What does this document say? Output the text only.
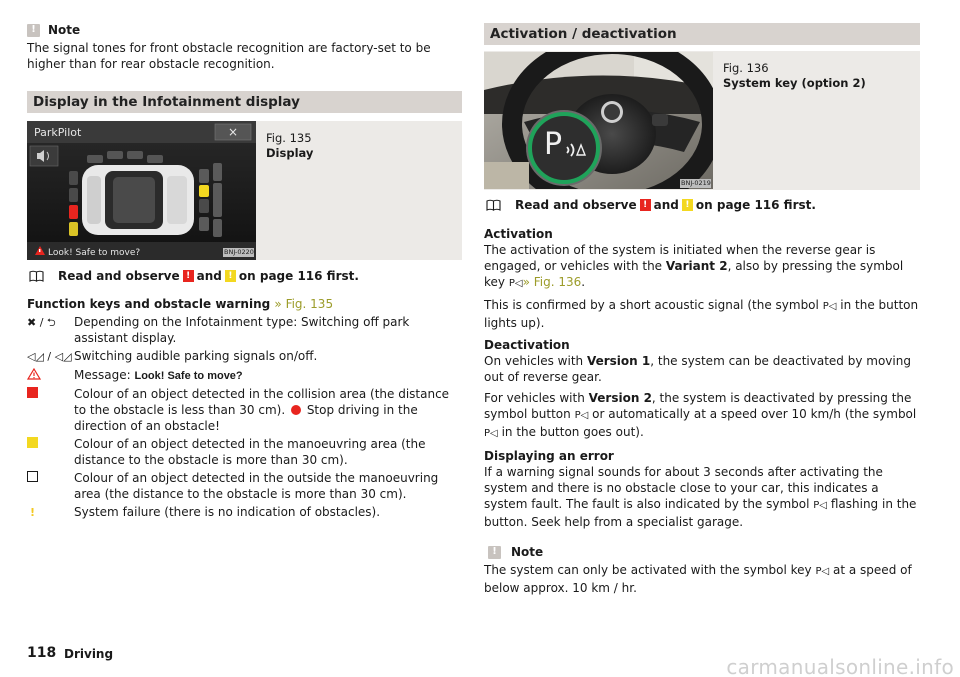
!	Note
The signal tones for front obstacle recognition are factory-set to be higher than for rear obstacle recognition.
Display in the Infotainment display
ParkPilot	×
Look! Safe to move?	BNJ-0220
Fig. 135
Display
Read and observe ! and ! on page 116 first.
Function keys and obstacle warning » Fig. 135
✖ / ⮌	Depending on the Infotainment type: Switching off park assistant display.
◁◿ / ◁◿ Switching audible parking signals on/off.
Message: Look! Safe to move?
Colour of an object detected in the collision area (the distance to the obstacle is less than 30 cm). Stop driving in the direction of an obstacle!
Colour of an object detected in the manoeuvring area (the distance to the obstacle is more than 30 cm).
Colour of an object detected in the outside the manoeuvring area (the distance to the obstacle is more than 30 cm).
!	System failure (there is no indication of obstacles).
Activation / deactivation
P
BNJ-0219
Fig. 136
System key (option 2)
Read and observe ! and ! on page 116 first.
Activation
The activation of the system is initiated when the reverse gear is engaged, or vehicles with the Variant 2, also by pressing the symbol key P◁» Fig. 136.
This is confirmed by a short acoustic signal (the symbol P◁ in the button lights up).
Deactivation
On vehicles with Version 1, the system can be deactivated by moving out of reverse gear.
For vehicles with Version 2, the system is deactivated by pressing the symbol button P◁ or automatically at a speed over 10 km/h (the symbol P◁ in the button goes out).
Displaying an error
If a warning signal sounds for about 3 seconds after activating the system and there is no obstacle close to your car, this indicates a system fault. The fault is also indicated by the symbol P◁ flashing in the button. Seek help from a specialist garage.
!	Note
The system can only be activated with the symbol key P◁ at a speed of below approx. 10 km / hr.
118 Driving
carmanualsonline.info
